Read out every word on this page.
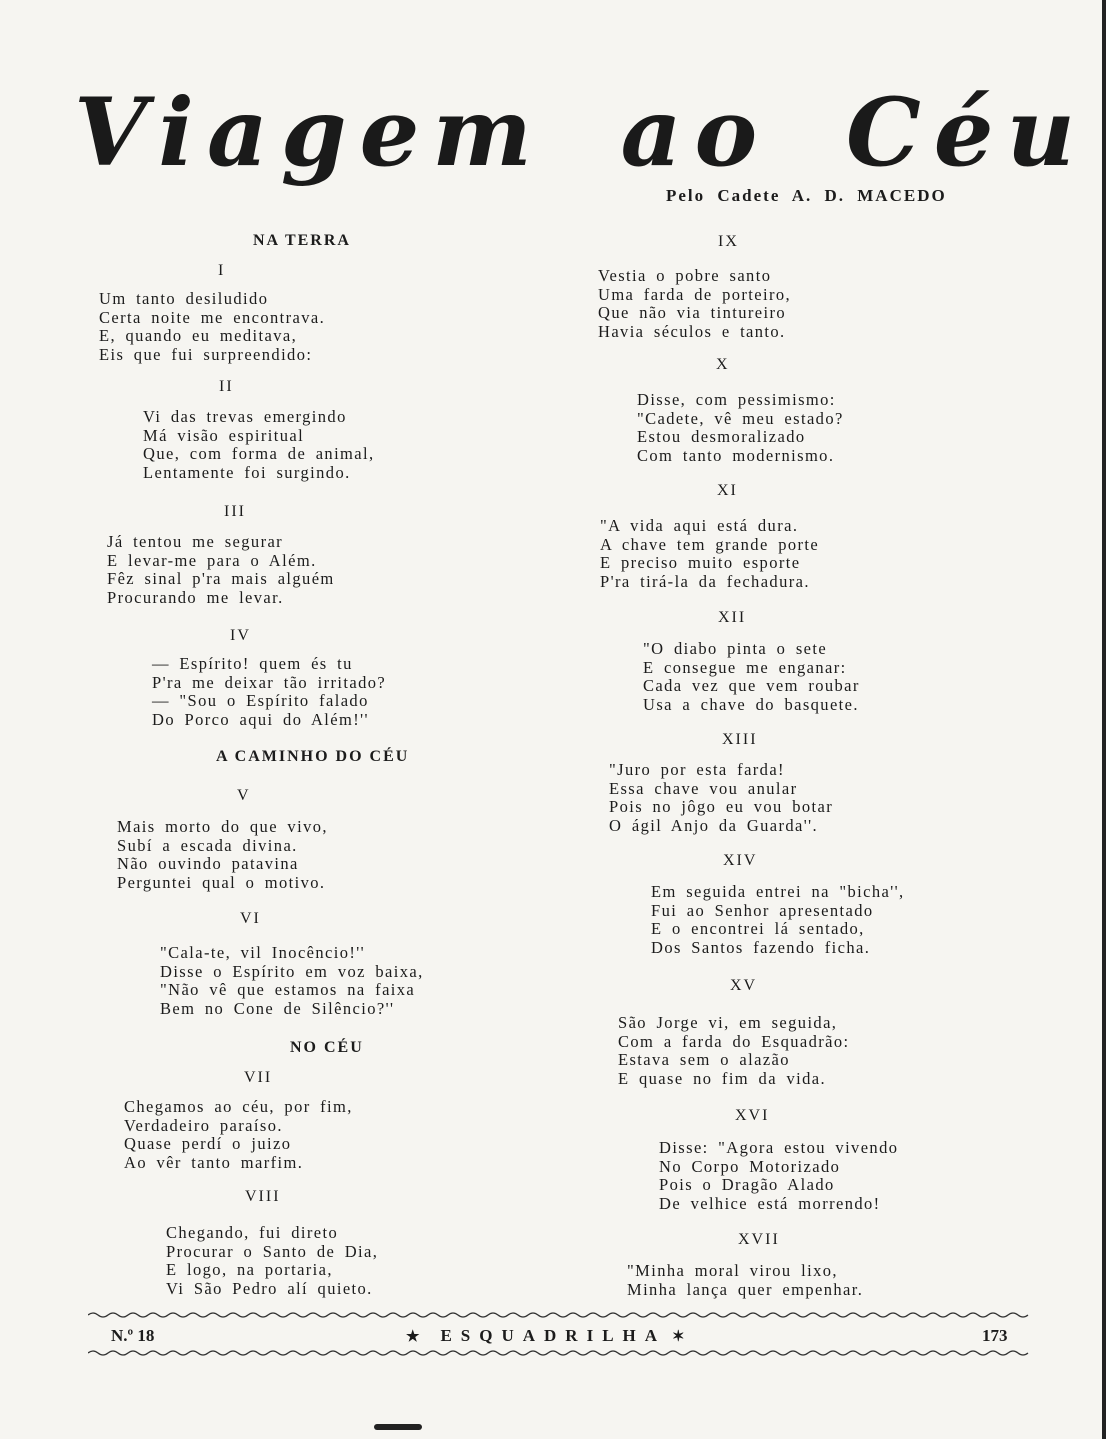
Viagem ao Céu

Pelo Cadete A. D. MACEDO

NA TERRA

I

Um tanto desiludido
Certa noite me encontrava.
E, quando eu meditava,
Eis que fui surpreendido:

II

Vi das trevas emergindo
Má visão espiritual
Que, com forma de animal,
Lentamente foi surgindo.

III

Já tentou me segurar
E levar-me para o Além.
Fêz sinal p'ra mais alguém
Procurando me levar.

IV

— Espírito! quem és tu
P'ra me deixar tão irritado?
— "Sou o Espírito falado
Do Porco aqui do Além!''

A CAMINHO DO CÉU

V

Mais morto do que vivo,
Subí a escada divina.
Não ouvindo patavina
Perguntei qual o motivo.

VI

"Cala-te, vil Inocêncio!''
Disse o Espírito em voz baixa,
"Não vê que estamos na faixa
Bem no Cone de Silêncio?''

NO CÉU

VII

Chegamos ao céu, por fim,
Verdadeiro paraíso.
Quase perdí o juizo
Ao vêr tanto marfim.

VIII

Chegando, fui direto
Procurar o Santo de Dia,
E logo, na portaria,
Vi São Pedro alí quieto.

IX

Vestia o pobre santo
Uma farda de porteiro,
Que não via tintureiro
Havia séculos e tanto.

X

Disse, com pessimismo:
"Cadete, vê meu estado?
Estou desmoralizado
Com tanto modernismo.

XI

"A vida aqui está dura.
A chave tem grande porte
E preciso muito esporte
P'ra tirá-la da fechadura.

XII

"O diabo pinta o sete
E consegue me enganar:
Cada vez que vem roubar
Usa a chave do basquete.

XIII

"Juro por esta farda!
Essa chave vou anular
Pois no jôgo eu vou botar
O ágil Anjo da Guarda''.

XIV

Em seguida entrei na "bicha'',
Fui ao Senhor apresentado
E o encontrei lá sentado,
Dos Santos fazendo ficha.

XV

São Jorge vi, em seguida,
Com a farda do Esquadrão:
Estava sem o alazão
E quase no fim da vida.

XVI

Disse: "Agora estou vivendo
No Corpo Motorizado
Pois o Dragão Alado
De velhice está morrendo!

XVII

"Minha moral virou lixo,
Minha lança quer empenhar.

N.º 18	★ ESQUADRILHA ✶	173
